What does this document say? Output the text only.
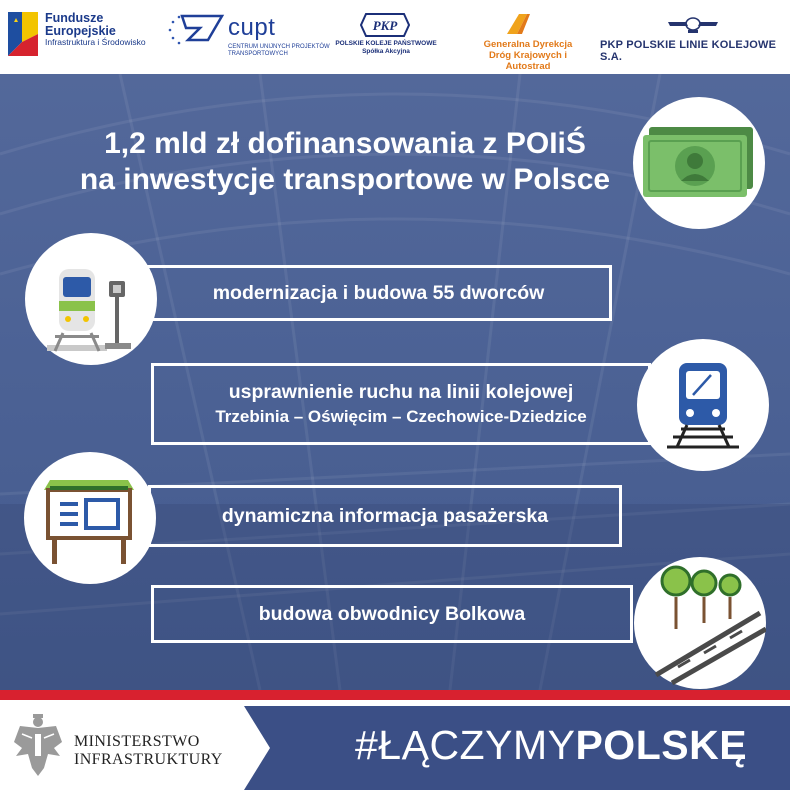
Fundusze Europejskie
Infrastruktura i Środowisko
cupt
CENTRUM UNIJNYCH PROJEKTÓW TRANSPORTOWYCH
PKP
POLSKIE KOLEJE PAŃSTWOWE
Spółka Akcyjna
Generalna Dyrekcja
Dróg Krajowych i Autostrad
PKP POLSKIE LINIE KOLEJOWE S.A.
1,2 mld zł dofinansowania z POIiŚ
na inwestycje transportowe w Polsce
modernizacja i budowa 55 dworców
usprawnienie ruchu na linii kolejowej
Trzebinia – Oświęcim – Czechowice-Dziedzice
dynamiczna informacja pasażerska
budowa obwodnicy Bolkowa
MINISTERSTWO
INFRASTRUKTURY	#ŁĄCZYMYPOLSKĘ
